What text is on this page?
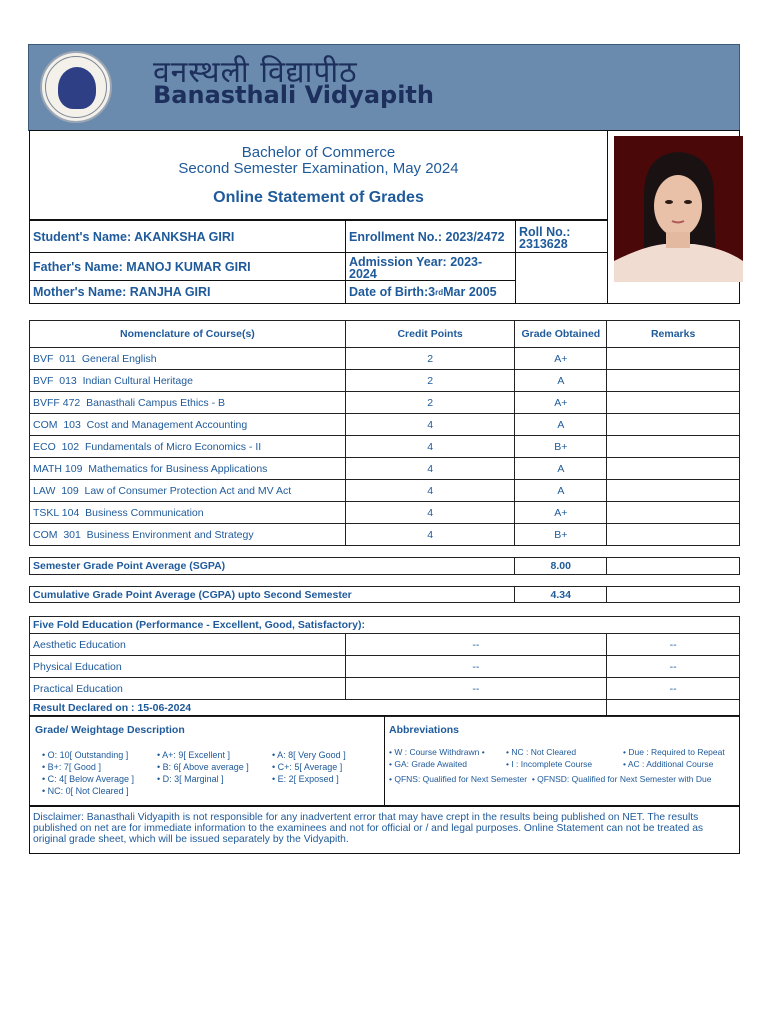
वनस्थली विद्यापीठ
Banasthali Vidyapith
Bachelor of Commerce
Second Semester Examination, May 2024
Online Statement of Grades
Student's Name: AKANKSHA GIRI	Enrollment No.: 2023/2472	Roll No.:
2313628
Father's Name: MANOJ KUMAR GIRI	Admission Year: 2023-
2024
Mother's Name: RANJHA GIRI	Date of Birth:3 rd Mar 2005
Nomenclature of Course(s)	Credit Points	Grade Obtained	Remarks
BVF  011  General English	2	A+	
BVF  013  Indian Cultural Heritage	2	A	
BVFF 472  Banasthali Campus Ethics - B	2	A+	
COM  103  Cost and Management Accounting	4	A	
ECO  102  Fundamentals of Micro Economics - II	4	B+	
MATH 109  Mathematics for Business Applications	4	A	
LAW  109  Law of Consumer Protection Act and MV Act	4	A	
TSKL 104  Business Communication	4	A+	
COM  301  Business Environment and Strategy	4	B+	
Semester Grade Point Average (SGPA)	8.00	
Cumulative Grade Point Average (CGPA) upto Second Semester	4.34	
Five Fold Education (Performance - Excellent, Good, Satisfactory):		
Aesthetic Education	--	--
Physical Education	--	--
Practical Education	--	--
Result Declared on : 15-06-2024		
Grade/ Weightage Description
• O: 10[ Outstanding ]	• A+: 9[ Excellent ]	• A: 8[ Very Good ]
• B+: 7[ Good ]	• B: 6[ Above average ]	• C+: 5[ Average ]
• C: 4[ Below Average ]	• D: 3[ Marginal ]	• E: 2[ Exposed ]
• NC: 0[ Not Cleared ]
Abbreviations
• W : Course Withdrawn •	• NC : Not Cleared	• Due : Required to Repeat
• GA: Grade Awaited	• I : Incomplete Course	• AC : Additional Course
• QFNS: Qualified for Next Semester • QFNSD: Qualified for Next Semester with Due
Disclaimer: Banasthali Vidyapith is not responsible for any inadvertent error that may have crept in the results being published on NET. The results published on net are for immediate information to the examinees and not for official or / and legal purposes. Online Statement can not be treated as original grade sheet, which will be issued separately by the Vidyapith.
